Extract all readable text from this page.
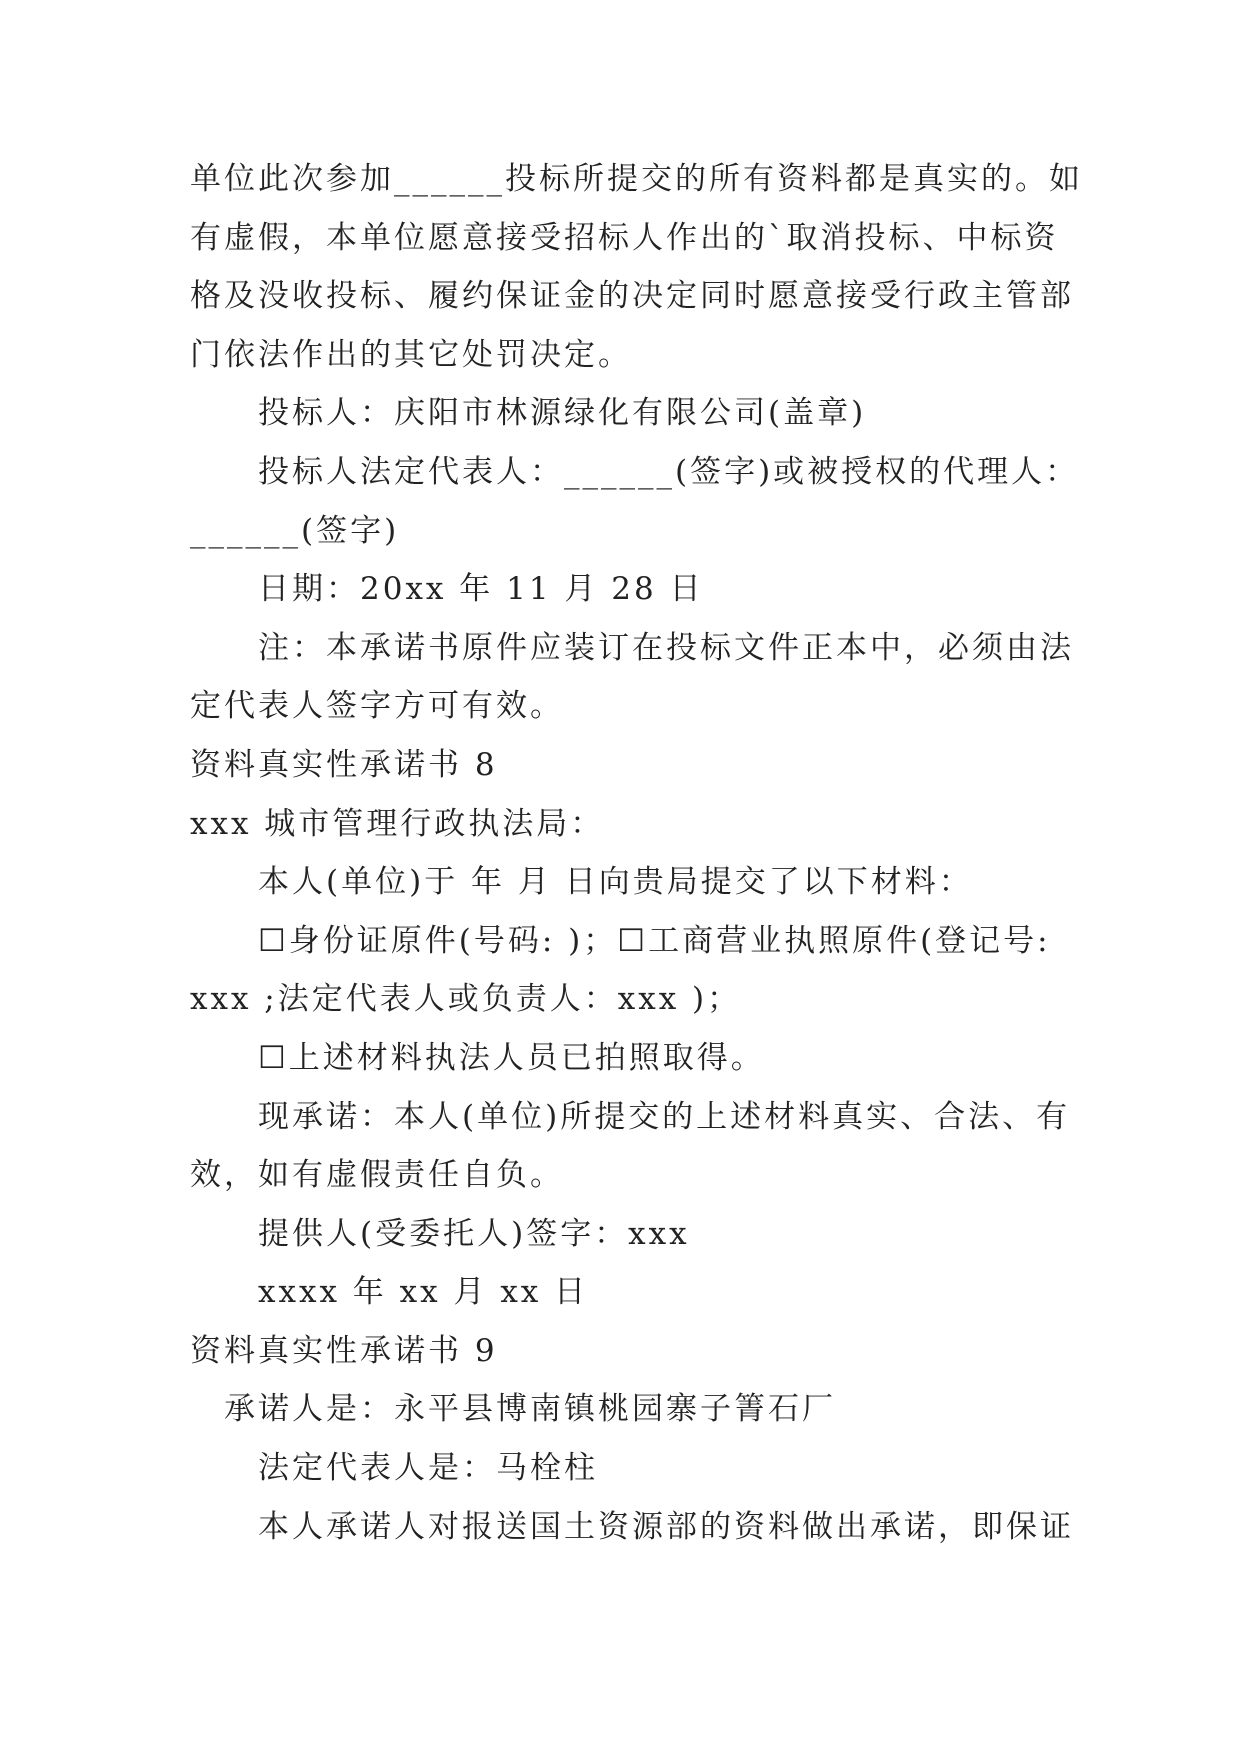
单位此次参加______投标所提交的所有资料都是真实的。如
有虚假，本单位愿意接受招标人作出的`取消投标、中标资
格及没收投标、履约保证金的决定同时愿意接受行政主管部
门依法作出的其它处罚决定。
投标人：庆阳市林源绿化有限公司(盖章)
投标人法定代表人：______(签字)或被授权的代理人：
______(签字)
日期：20xx 年 11 月 28 日
注：本承诺书原件应装订在投标文件正本中，必须由法
定代表人签字方可有效。
资料真实性承诺书 8
xxx 城市管理行政执法局：
本人(单位)于 年 月 日向贵局提交了以下材料：
☐身份证原件(号码: )；☐工商营业执照原件(登记号:
xxx ;法定代表人或负责人：xxx )；
☐上述材料执法人员已拍照取得。
现承诺：本人(单位)所提交的上述材料真实、合法、有
效，如有虚假责任自负。
提供人(受委托人)签字：xxx
xxxx 年 xx 月 xx 日
资料真实性承诺书 9
承诺人是：永平县博南镇桃园寨子箐石厂
法定代表人是：马栓柱
本人承诺人对报送国土资源部的资料做出承诺，即保证
